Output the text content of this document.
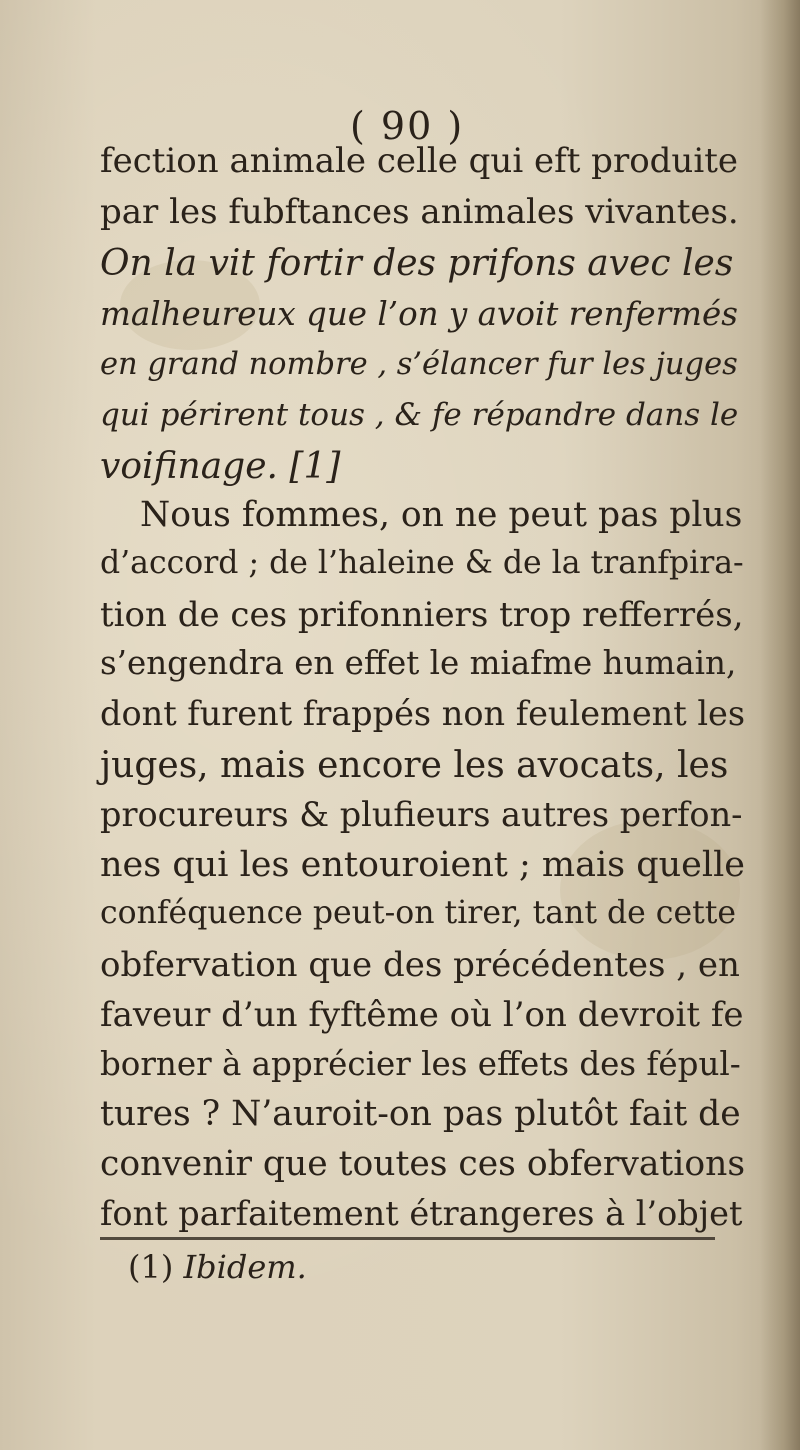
( 90 )
fection animale celle qui eft produite
par les fubftances animales vivantes.
On la vit fortir des prifons avec les
malheureux que l’on y avoit renfermés
en grand nombre , s’élancer fur les juges
qui périrent tous , & fe répandre dans le
voifinage. [1]
Nous fommes, on ne peut pas plus
d’accord ; de l’haleine & de la tranfpira-
tion de ces prifonniers trop refferrés,
s’engendra en effet le miafme humain,
dont furent frappés non feulement les
juges, mais encore les avocats, les
procureurs & plufieurs autres perfon-
nes qui les entouroient ; mais quelle
conféquence peut-on tirer, tant de cette
obfervation que des précédentes , en
faveur d’un fyftême où l’on devroit fe
borner à apprécier les effets des fépul-
tures ? N’auroit-on pas plutôt fait de
convenir que toutes ces obfervations
font parfaitement étrangeres à l’objet
(1) Ibidem.
